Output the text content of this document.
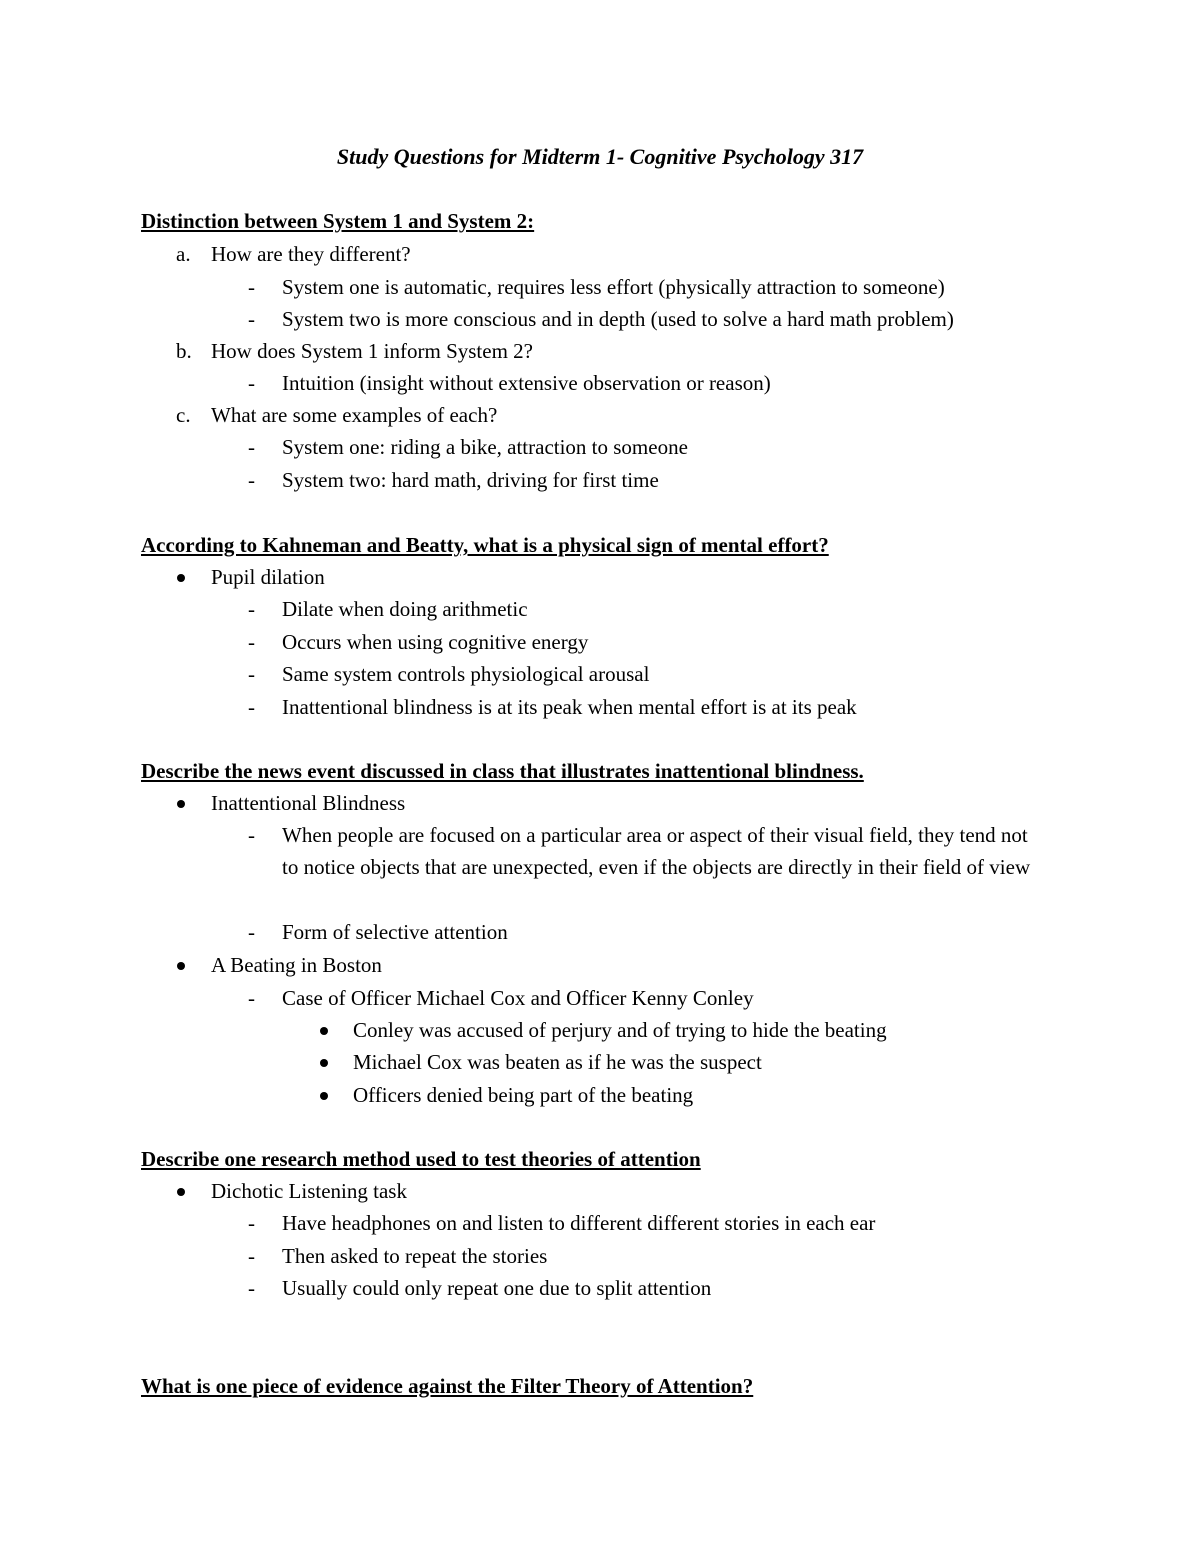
Study Questions for Midterm 1- Cognitive Psychology 317
Distinction between System 1 and System 2:
a. How are they different?
- System one is automatic, requires less effort (physically attraction to someone)
- System two is more conscious and in depth (used to solve a hard math problem)
b. How does System 1 inform System 2?
- Intuition (insight without extensive observation or reason)
c. What are some examples of each?
- System one: riding a bike, attraction to someone
- System two: hard math, driving for first time
According to Kahneman and Beatty, what is a physical sign of mental effort?
Pupil dilation
- Dilate when doing arithmetic
- Occurs when using cognitive energy
- Same system controls physiological arousal
- Inattentional blindness is at its peak when mental effort is at its peak
Describe the news event discussed in class that illustrates inattentional blindness.
Inattentional Blindness
- When people are focused on a particular area or aspect of their visual field, they tend not to notice objects that are unexpected, even if the objects are directly in their field of view
- Form of selective attention
A Beating in Boston
- Case of Officer Michael Cox and Officer Kenny Conley
Conley was accused of perjury and of trying to hide the beating
Michael Cox was beaten as if he was the suspect
Officers denied being part of the beating
Describe one research method used to test theories of attention
Dichotic Listening task
- Have headphones on and listen to different different stories in each ear
- Then asked to repeat the stories
- Usually could only repeat one due to split attention
What is one piece of evidence against the Filter Theory of Attention?
